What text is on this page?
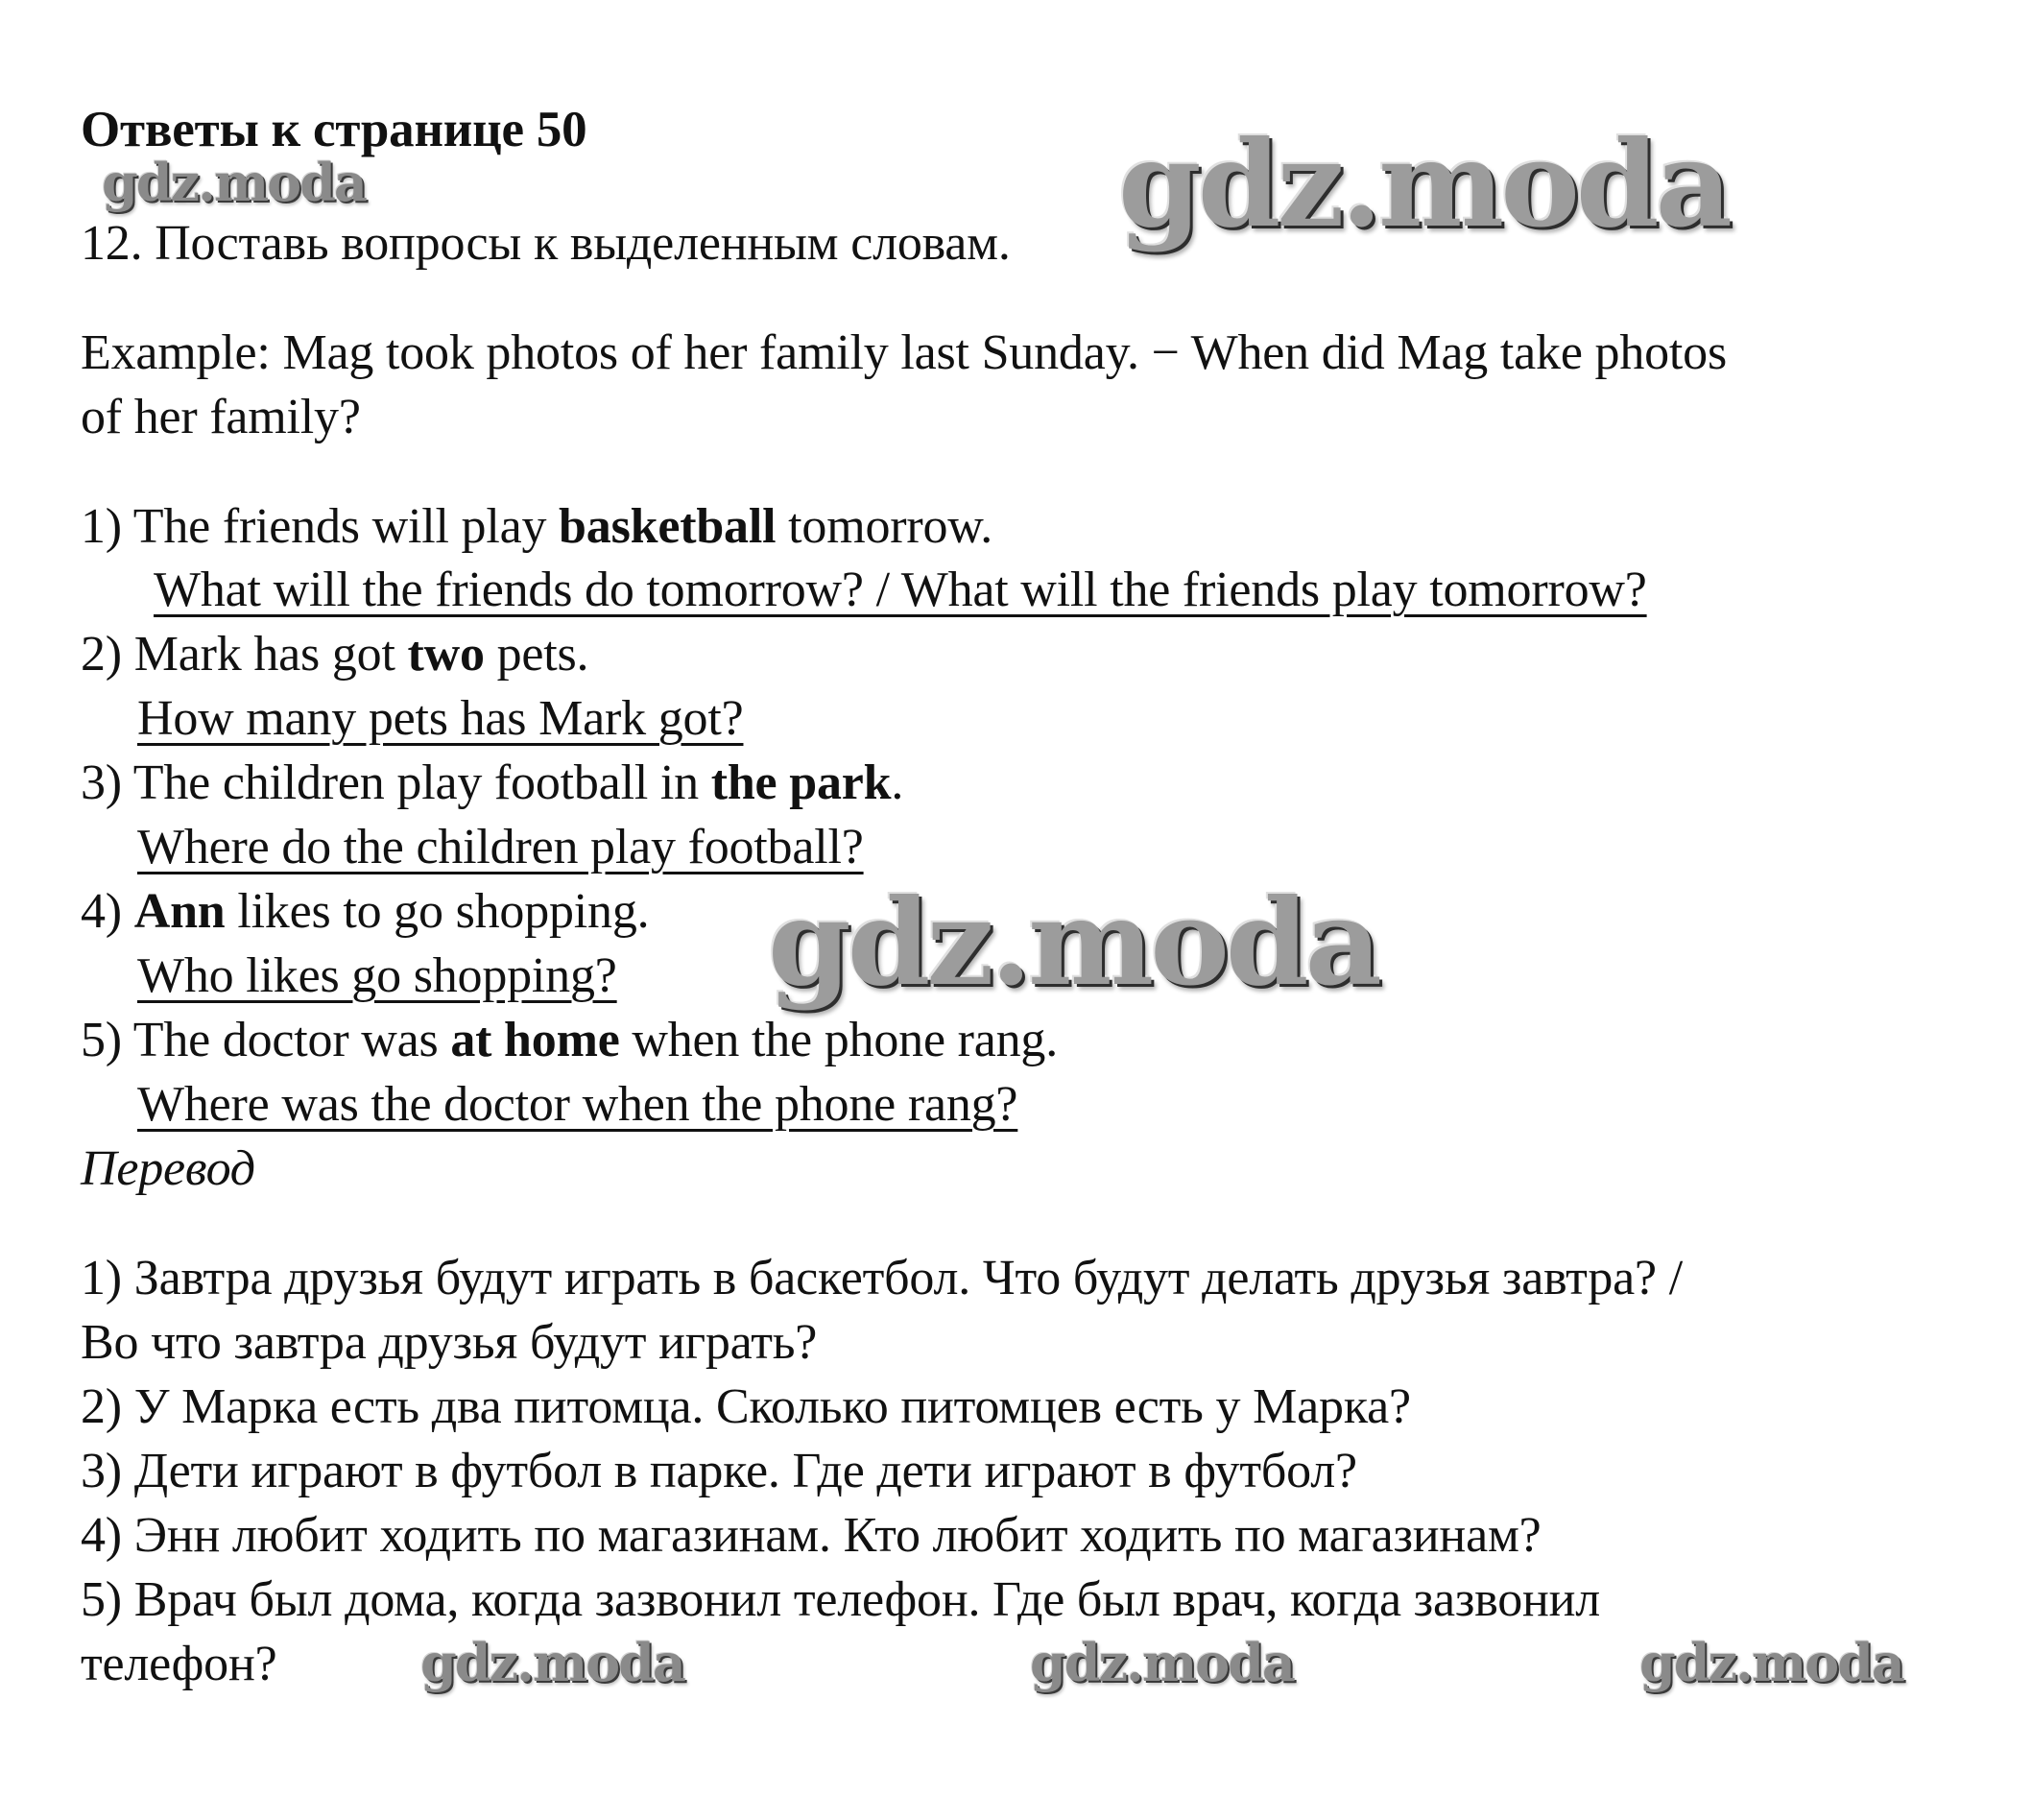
Ответы к странице 50
12. Поставь вопросы к выделенным словам.
Example: Mag took photos of her family last Sunday. − When did Mag take photos
of her family?
1) The friends will play basketball tomorrow.
What will the friends do tomorrow? / What will the friends play tomorrow?
2) Mark has got two pets.
How many pets has Mark got?
3) The children play football in the park.
Where do the children play football?
4) Ann likes to go shopping.
Who likes go shopping?
5) The doctor was at home when the phone rang.
Where was the doctor when the phone rang?
Перевод
1) Завтра друзья будут играть в баскетбол. Что будут делать друзья завтра? /
Во что завтра друзья будут играть?
2) У Марка есть два питомца. Сколько питомцев есть у Марка?
3) Дети играют в футбол в парке. Где дети играют в футбол?
4) Энн любит ходить по магазинам. Кто любит ходить по магазинам?
5) Врач был дома, когда зазвонил телефон. Где был врач, когда зазвонил
телефон?
gdz.moda	gdz.moda
gdz.moda
gdz.moda	gdz.moda	gdz.moda
